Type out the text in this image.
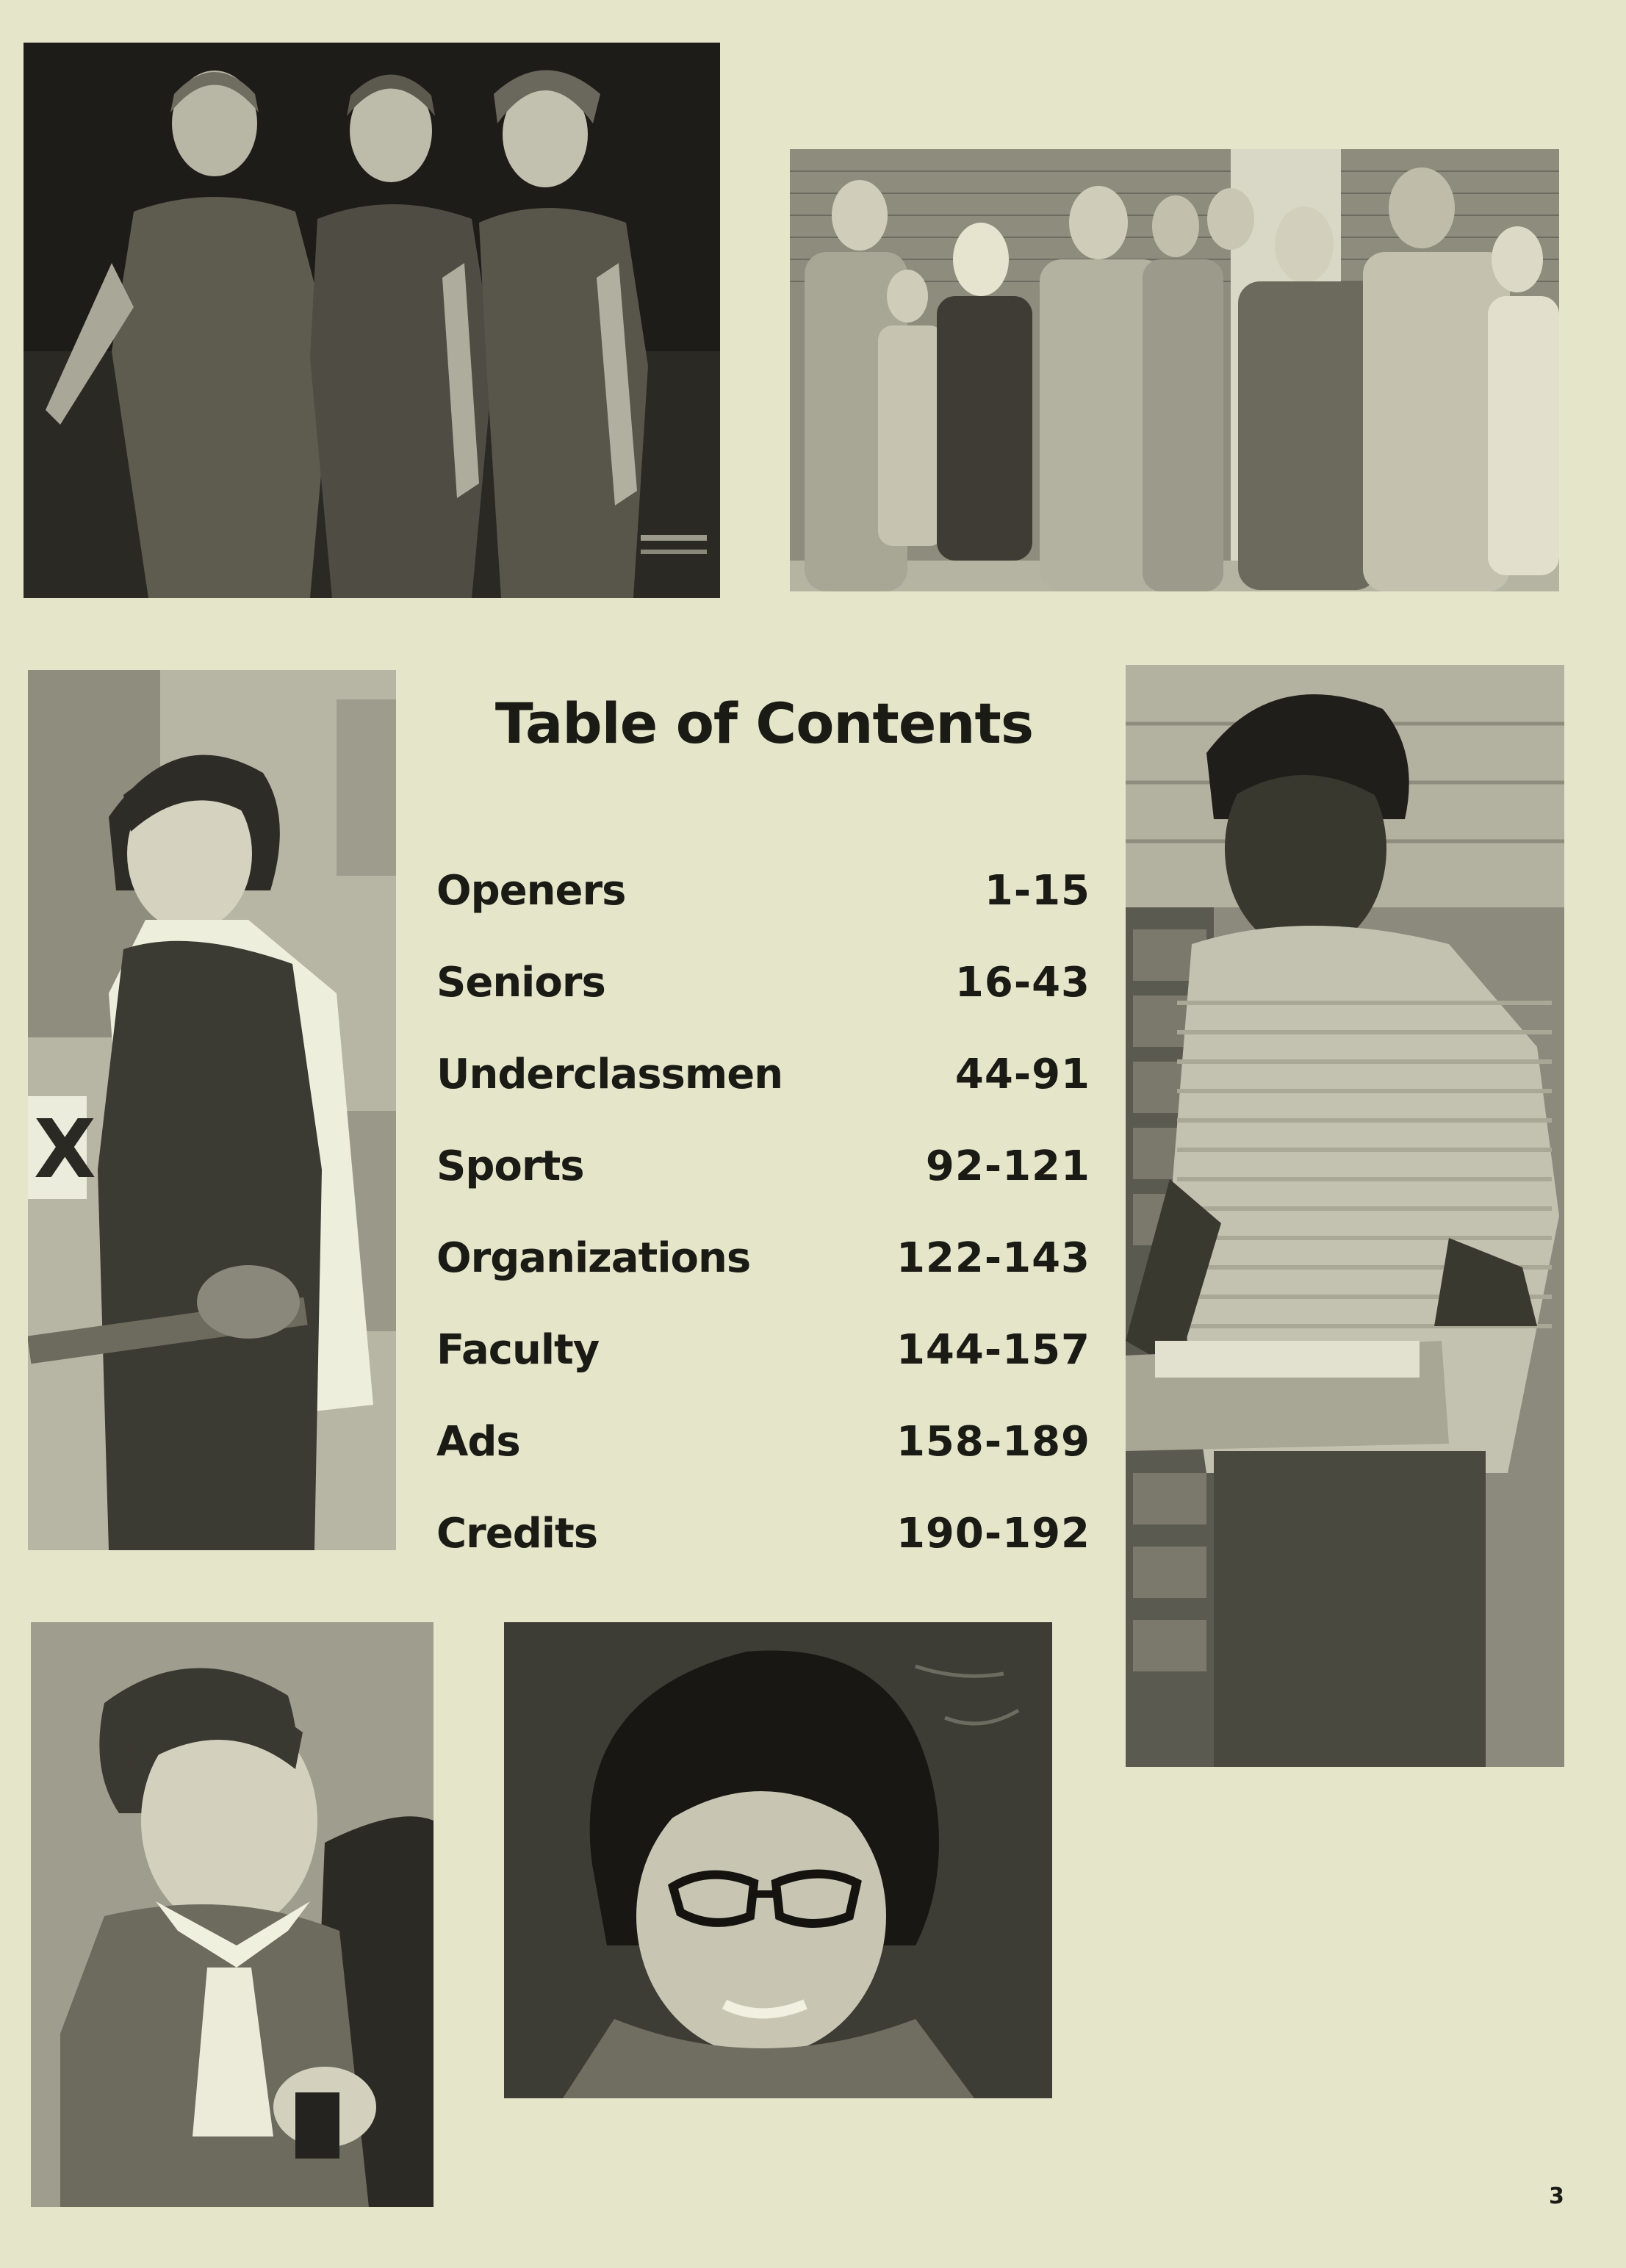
X
Table of Contents
Openers	1-15
Seniors	16-43
Underclassmen	44-91
Sports	92-121
Organizations	122-143
Faculty	144-157
Ads	158-189
Credits	190-192
3
